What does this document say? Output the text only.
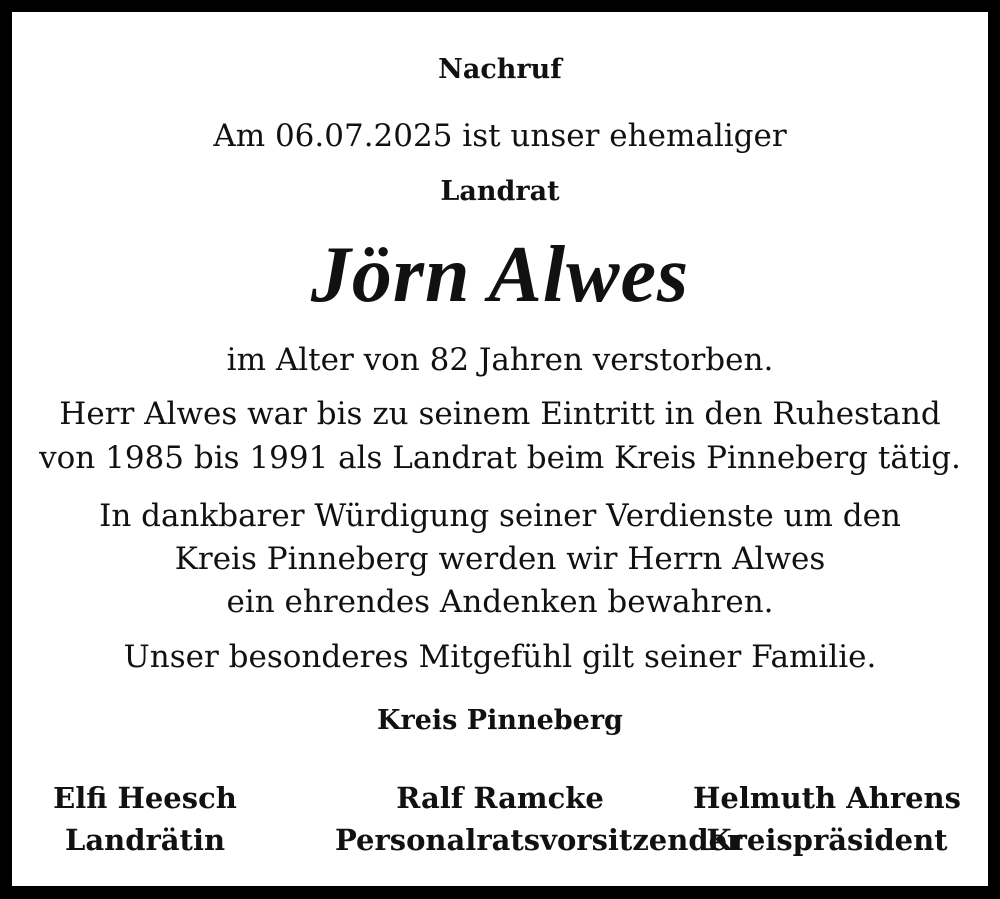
Nachruf
Am 06.07.2025 ist unser ehemaliger
Landrat
Jörn Alwes
im Alter von 82 Jahren verstorben.
Herr Alwes war bis zu seinem Eintritt in den Ruhestand
von 1985 bis 1991 als Landrat beim Kreis Pinneberg tätig.
In dankbarer Würdigung seiner Verdienste um den
Kreis Pinneberg werden wir Herrn Alwes
ein ehrendes Andenken bewahren.
Unser besonderes Mitgefühl gilt seiner Familie.
Kreis Pinneberg
Elfi Heesch
Landrätin
Ralf Ramcke
Personalratsvorsitzender
Helmuth Ahrens
Kreispräsident
